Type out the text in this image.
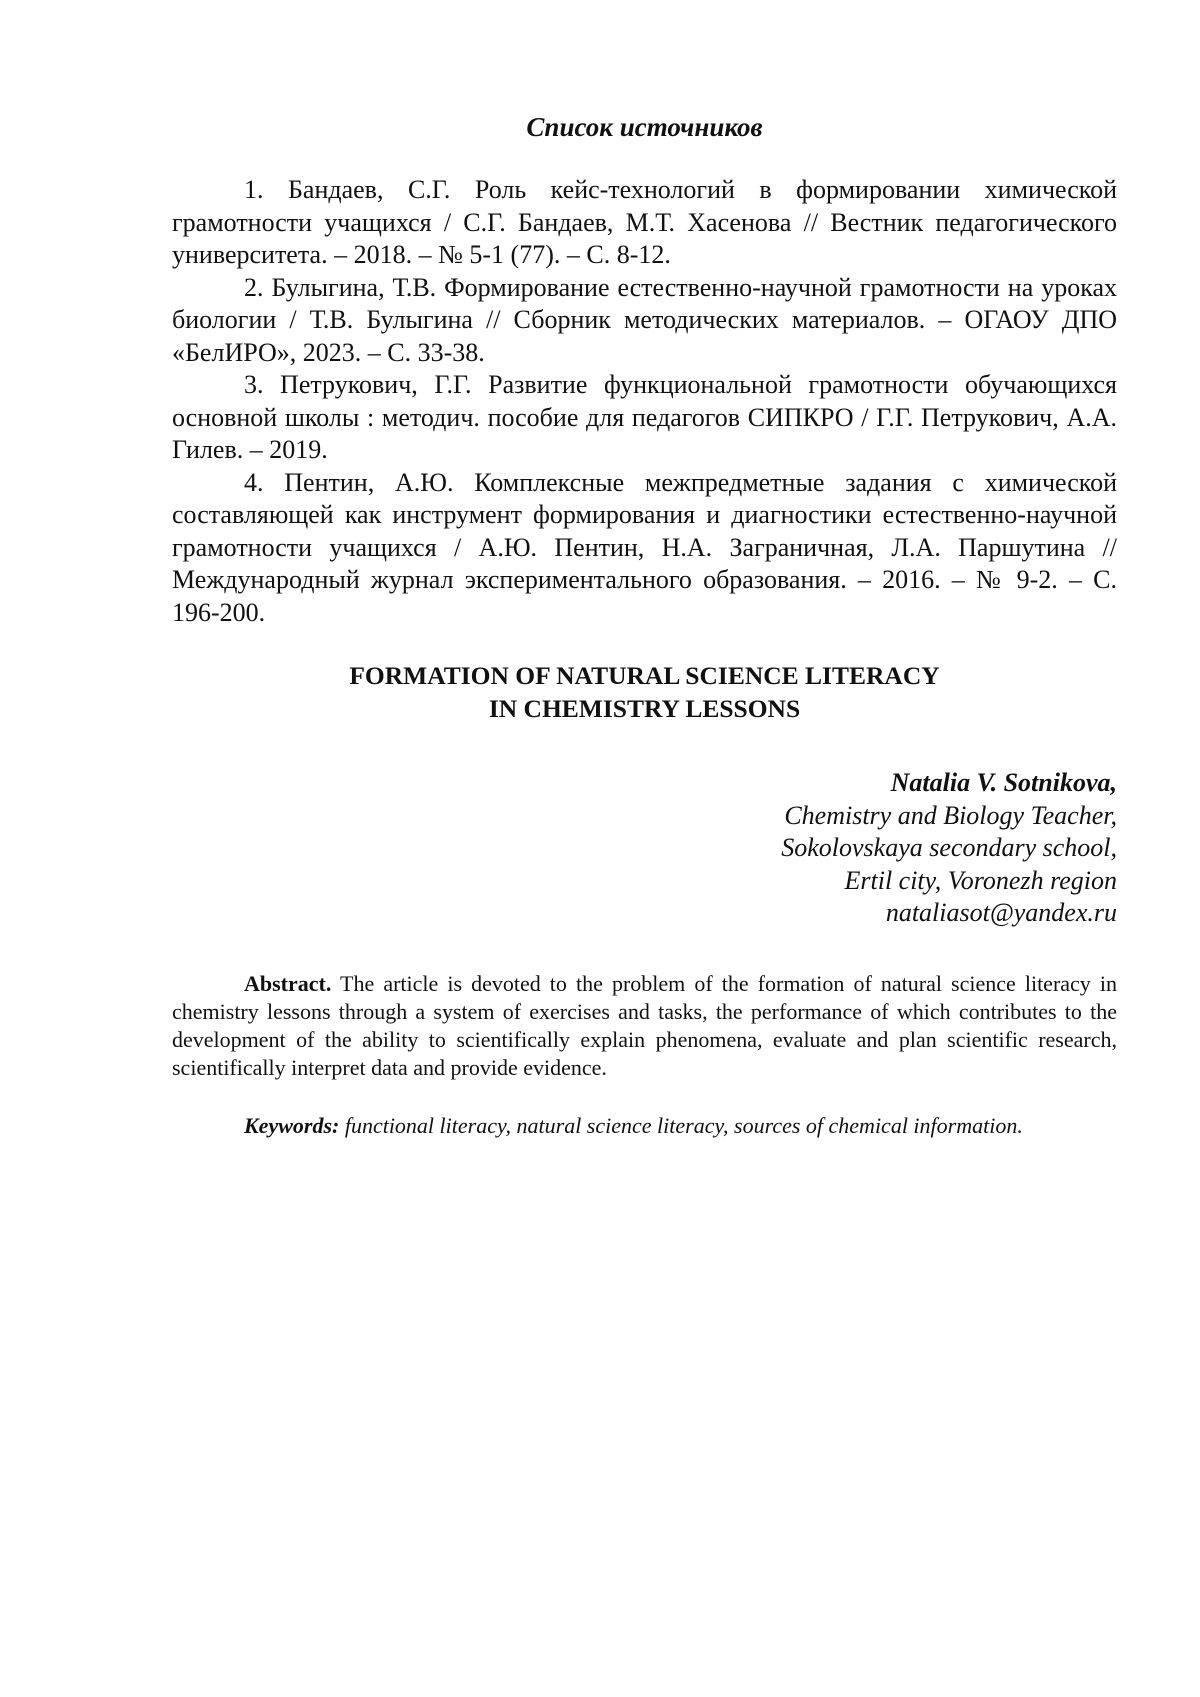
Список источников

1. Бандаев, С.Г. Роль кейс-технологий в формировании химической грамотности учащихся / С.Г. Бандаев, М.Т. Хасенова // Вестник педагогического университета. – 2018. – № 5-1 (77). – С. 8-12.

2. Булыгина, Т.В. Формирование естественно-научной грамотности на уроках биологии / Т.В. Булыгина // Сборник методических материалов. – ОГАОУ ДПО «БелИРО», 2023. – С. 33-38.

3. Петрукович, Г.Г. Развитие функциональной грамотности обучающихся основной школы : методич. пособие для педагогов СИПКРО / Г.Г. Петрукович, А.А. Гилев. – 2019.

4. Пентин, А.Ю. Комплексные межпредметные задания с химической составляющей как инструмент формирования и диагностики естественно-научной грамотности учащихся / А.Ю. Пентин, Н.А. Заграничная, Л.А. Паршутина // Международный журнал экспериментального образования. – 2016. – № 9-2. – С. 196-200.

FORMATION OF NATURAL SCIENCE LITERACY
IN CHEMISTRY LESSONS
Natalia V. Sotnikova,
Chemistry and Biology Teacher,
Sokolovskaya secondary school,
Ertil city, Voronezh region
nataliasot@yandex.ru
Abstract. The article is devoted to the problem of the formation of natural science literacy in chemistry lessons through a system of exercises and tasks, the performance of which contributes to the development of the ability to scientifically explain phenomena, evaluate and plan scientific research, scientifically interpret data and provide evidence.
Keywords: functional literacy, natural science literacy, sources of chemical information.
